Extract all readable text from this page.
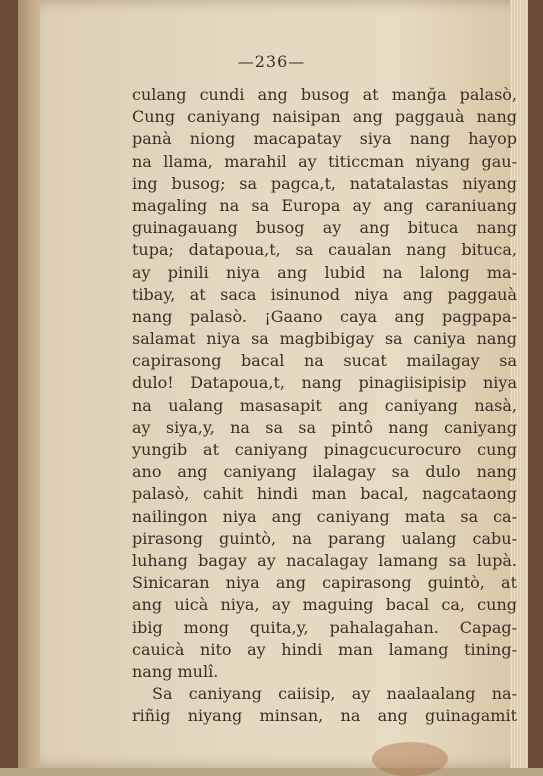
—236—
culang cundi ang busog at manğa palasò,
Cung caniyang naisipan ang paggauà nang
panà niong macapatay siya nang hayop
na llama, marahil ay titiccman niyang gau-
ing busog; sa pagca,t, natatalastas niyang
magaling na sa Europa ay ang caraniuang
guinagauang busog ay ang bituca nang
tupa; datapoua,t, sa caualan nang bituca,
ay pinili niya ang lubid na lalong ma-
tibay, at saca isinunod niya ang paggauà
nang palasò. ¡Gaano caya ang pagpapa-
salamat niya sa magbibigay sa caniya nang
capirasong bacal na sucat mailagay sa
dulo! Datapoua,t, nang pinagiisipisip niya
na ualang masasapit ang caniyang nasà,
ay siya,y, na sa sa pintô nang caniyang
yungib at caniyang pinagcucurocuro cung
ano ang caniyang ilalagay sa dulo nang
palasò, cahit hindi man bacal, nagcataong
nailingon niya ang caniyang mata sa ca-
pirasong guintò, na parang ualang cabu-
luhang bagay ay nacalagay lamang sa lupà.
Sinicaran niya ang capirasong guintò, at
ang uicà niya, ay maguing bacal ca, cung
ibig mong quita,y, pahalagahan. Capag-
cauicà nito ay hindi man lamang tining-
nang mulî.
Sa caniyang caiisip, ay naalaalang na-
riñig niyang minsan, na ang guinagamit
